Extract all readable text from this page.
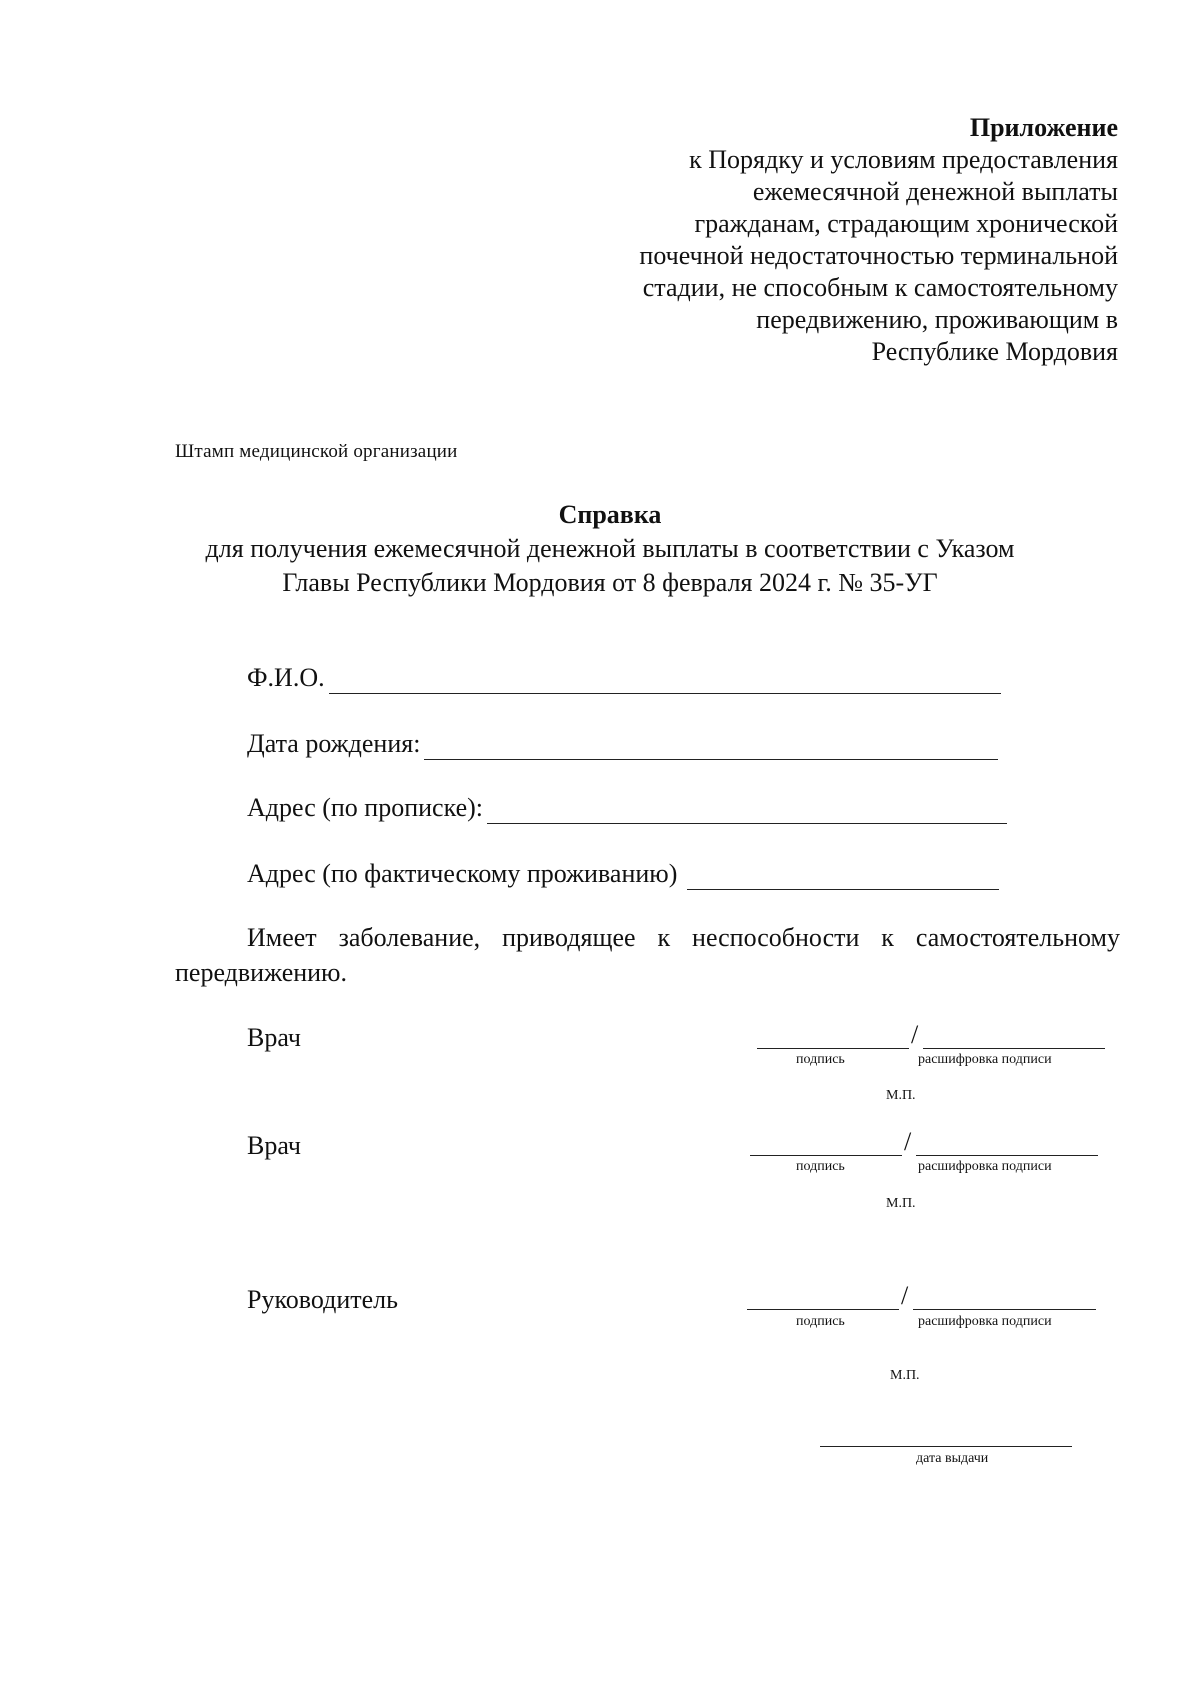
Приложение
к Порядку и условиям предоставления
ежемесячной денежной выплаты
гражданам, страдающим хронической
почечной недостаточностью терминальной
стадии, не способным к самостоятельному
передвижению, проживающим в
Республике Мордовия
Штамп медицинской организации
Справка
для получения ежемесячной денежной выплаты в соответствии с Указом
Главы Республики Мордовия от 8 февраля 2024 г. № 35-УГ
Ф.И.О.
Дата рождения:
Адрес (по прописке):
Адрес (по фактическому проживанию)
Имеет заболевание, приводящее к неспособности к самостоятельному передвижению.
Врач	/
подпись	расшифровка подписи
М.П.
Врач	/
подпись	расшифровка подписи
М.П.
Руководитель	/
подпись	расшифровка подписи
М.П.
дата выдачи
